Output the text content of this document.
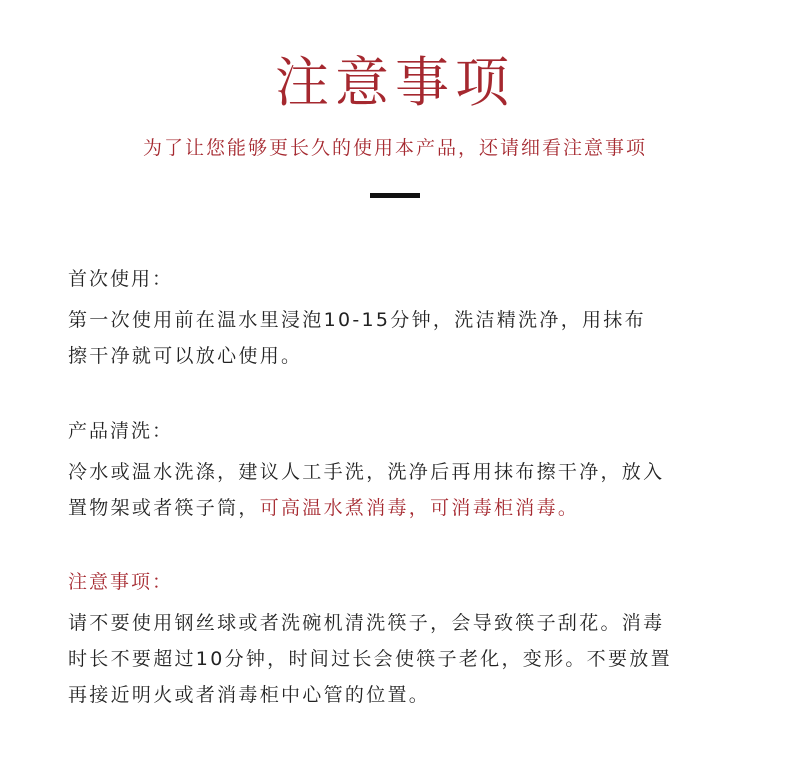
注意事项
为了让您能够更长久的使用本产品，还请细看注意事项
首次使用：

第一次使用前在温水里浸泡10-15分钟，洗洁精洗净，用抹布

擦干净就可以放心使用。

产品清洗：

冷水或温水洗涤，建议人工手洗，洗净后再用抹布擦干净，放入

置物架或者筷子筒，可高温水煮消毒，可消毒柜消毒。

注意事项：

请不要使用钢丝球或者洗碗机清洗筷子，会导致筷子刮花。消毒

时长不要超过10分钟，时间过长会使筷子老化，变形。不要放置

再接近明火或者消毒柜中心管的位置。
